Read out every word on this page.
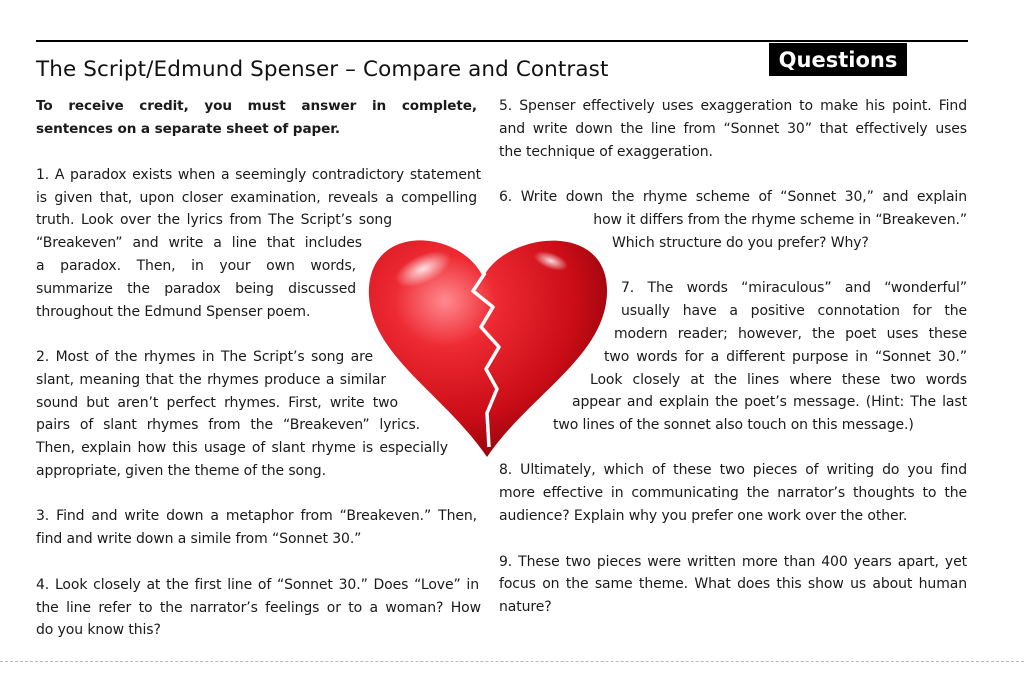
The Script/Edmund Spenser – Compare and Contrast	Questions
To receive credit, you must answer in complete,
sentences on a separate sheet of paper.
1. A paradox exists when a seemingly contradictory statement
is given that, upon closer examination, reveals a compelling
truth. Look over the lyrics from The Script’s song
“Breakeven” and write a line that includes
a paradox. Then, in your own words,
summarize the paradox being discussed
throughout the Edmund Spenser poem.
2. Most of the rhymes in The Script’s song are
slant, meaning that the rhymes produce a similar
sound but aren’t perfect rhymes. First, write two
pairs of slant rhymes from the “Breakeven” lyrics.
Then, explain how this usage of slant rhyme is especially
appropriate, given the theme of the song.
3. Find and write down a metaphor from “Breakeven.” Then,
find and write down a simile from “Sonnet 30.”
4. Look closely at the first line of “Sonnet 30.” Does “Love” in
the line refer to the narrator’s feelings or to a woman? How
do you know this?
5. Spenser effectively uses exaggeration to make his point. Find
and write down the line from “Sonnet 30” that effectively uses
the technique of exaggeration.
6. Write down the rhyme scheme of “Sonnet 30,” and explain
how it differs from the rhyme scheme in “Breakeven.”
Which structure do you prefer? Why?
7. The words “miraculous” and “wonderful”
usually have a positive connotation for the
modern reader; however, the poet uses these
two words for a different purpose in “Sonnet 30.”
Look closely at the lines where these two words
appear and explain the poet’s message. (Hint: The last
two lines of the sonnet also touch on this message.)
8. Ultimately, which of these two pieces of writing do you find
more effective in communicating the narrator’s thoughts to the
audience? Explain why you prefer one work over the other.
9. These two pieces were written more than 400 years apart, yet
focus on the same theme. What does this show us about human
nature?
